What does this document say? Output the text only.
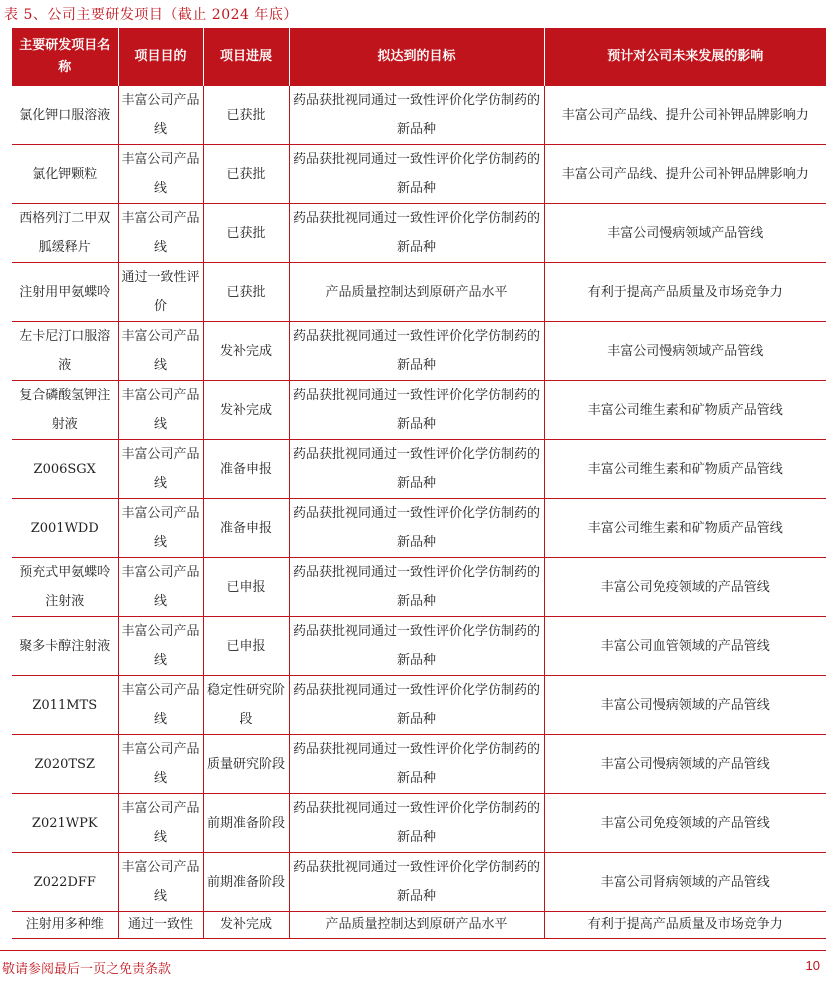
表 5、公司主要研发项目（截止 2024 年底）
主要研发项目名称	项目目的	项目进展	拟达到的目标	预计对公司未来发展的影响
氯化钾口服溶液	丰富公司产品线	已获批	药品获批视同通过一致性评价化学仿制药的新品种	丰富公司产品线、提升公司补钾品牌影响力
氯化钾颗粒	丰富公司产品线	已获批	药品获批视同通过一致性评价化学仿制药的新品种	丰富公司产品线、提升公司补钾品牌影响力
西格列汀二甲双胍缓释片	丰富公司产品线	已获批	药品获批视同通过一致性评价化学仿制药的新品种	丰富公司慢病领域产品管线
注射用甲氨蝶呤	通过一致性评价	已获批	产品质量控制达到原研产品水平	有利于提高产品质量及市场竞争力
左卡尼汀口服溶液	丰富公司产品线	发补完成	药品获批视同通过一致性评价化学仿制药的新品种	丰富公司慢病领域产品管线
复合磷酸氢钾注射液	丰富公司产品线	发补完成	药品获批视同通过一致性评价化学仿制药的新品种	丰富公司维生素和矿物质产品管线
Z006SGX	丰富公司产品线	准备申报	药品获批视同通过一致性评价化学仿制药的新品种	丰富公司维生素和矿物质产品管线
Z001WDD	丰富公司产品线	准备申报	药品获批视同通过一致性评价化学仿制药的新品种	丰富公司维生素和矿物质产品管线
预充式甲氨蝶呤注射液	丰富公司产品线	已申报	药品获批视同通过一致性评价化学仿制药的新品种	丰富公司免疫领域的产品管线
聚多卡醇注射液	丰富公司产品线	已申报	药品获批视同通过一致性评价化学仿制药的新品种	丰富公司血管领域的产品管线
Z011MTS	丰富公司产品线	稳定性研究阶段	药品获批视同通过一致性评价化学仿制药的新品种	丰富公司慢病领域的产品管线
Z020TSZ	丰富公司产品线	质量研究阶段	药品获批视同通过一致性评价化学仿制药的新品种	丰富公司慢病领域的产品管线
Z021WPK	丰富公司产品线	前期准备阶段	药品获批视同通过一致性评价化学仿制药的新品种	丰富公司免疫领域的产品管线
Z022DFF	丰富公司产品线	前期准备阶段	药品获批视同通过一致性评价化学仿制药的新品种	丰富公司肾病领域的产品管线
注射用多种维	通过一致性	发补完成	产品质量控制达到原研产品水平	有利于提高产品质量及市场竞争力
敬请参阅最后一页之免责条款	10
